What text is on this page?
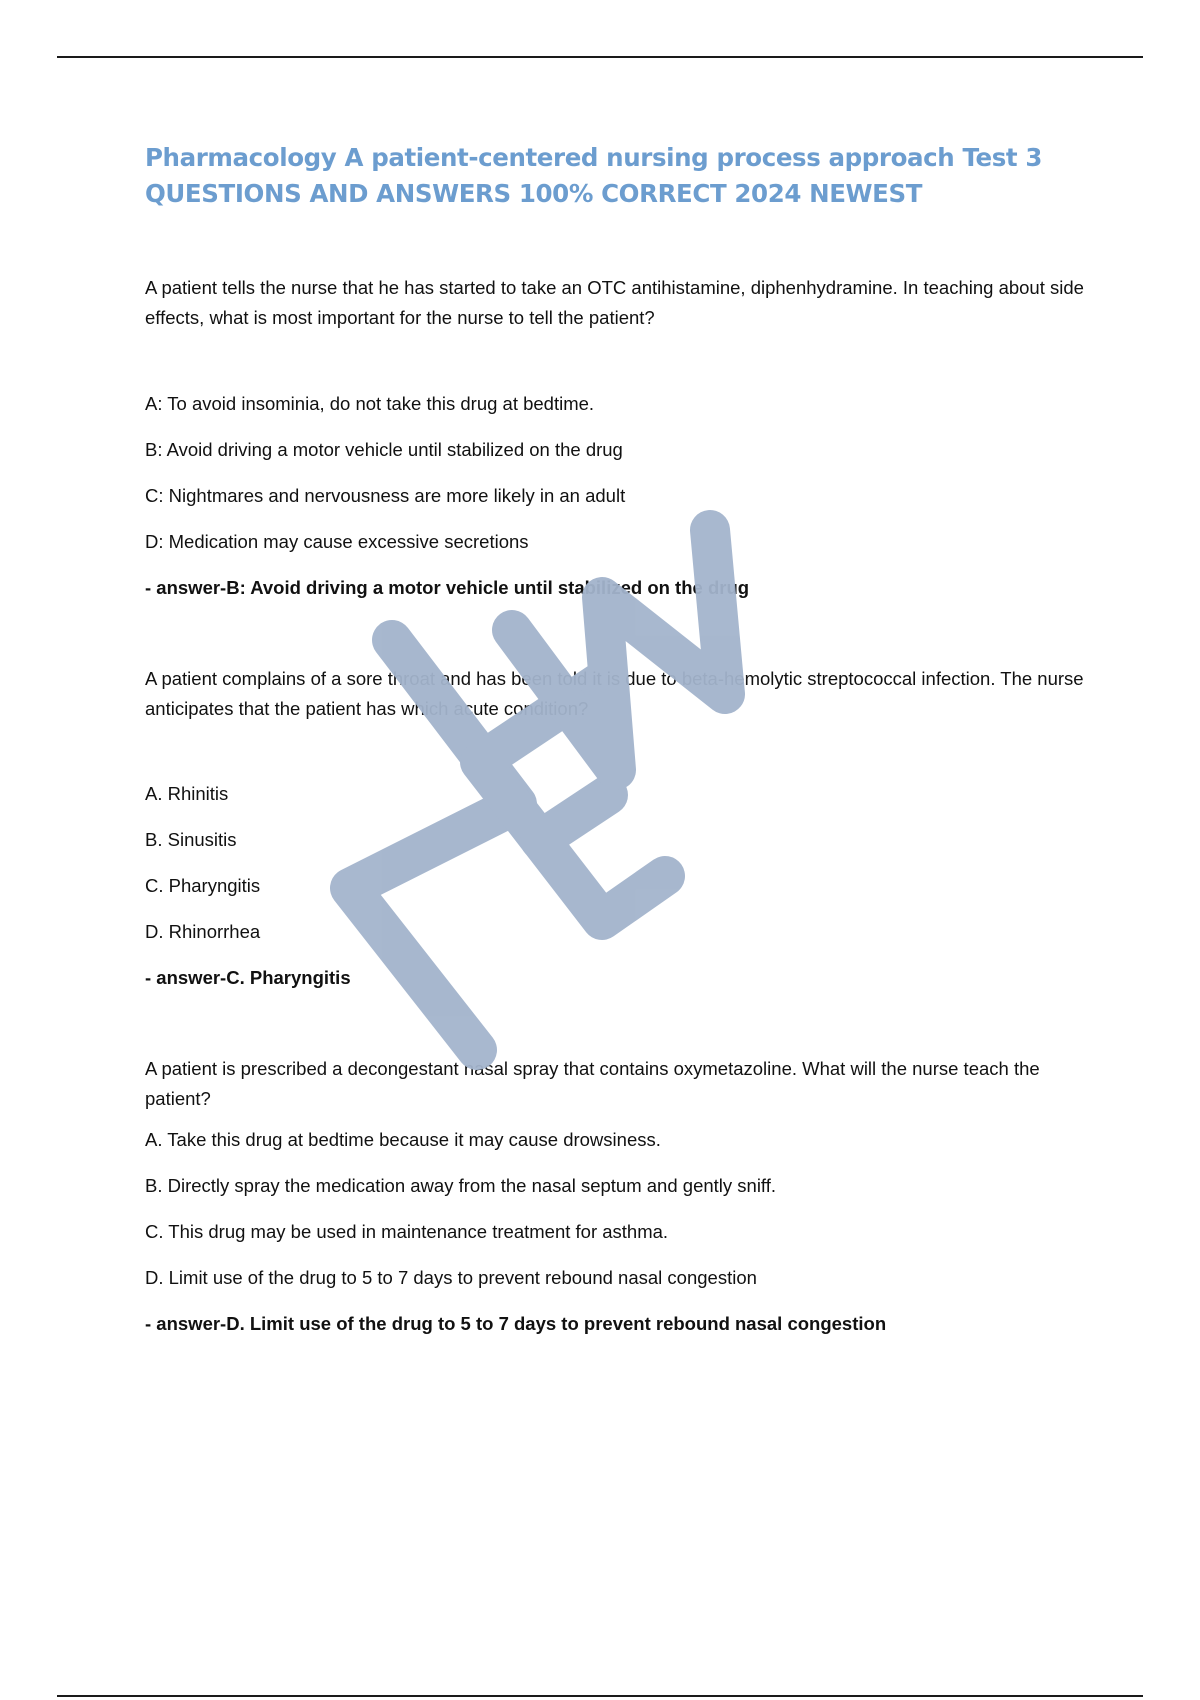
Pharmacology A patient-centered nursing process approach Test 3 QUESTIONS AND ANSWERS 100% CORRECT 2024 NEWEST

A patient tells the nurse that he has started to take an OTC antihistamine, diphenhydramine. In teaching about side effects, what is most important for the nurse to tell the patient?

A: To avoid insominia, do not take this drug at bedtime.

B: Avoid driving a motor vehicle until stabilized on the drug

C: Nightmares and nervousness are more likely in an adult

D: Medication may cause excessive secretions

- answer-B: Avoid driving a motor vehicle until stabilized on the drug

A patient complains of a sore throat and has been told it is due to beta-hemolytic streptococcal infection. The nurse anticipates that the patient has which acute condition?

A. Rhinitis

B. Sinusitis

C. Pharyngitis

D. Rhinorrhea

- answer-C. Pharyngitis

A patient is prescribed a decongestant nasal spray that contains oxymetazoline. What will the nurse teach the patient?

A. Take this drug at bedtime because it may cause drowsiness.

B. Directly spray the medication away from the nasal septum and gently sniff.

C. This drug may be used in maintenance treatment for asthma.

D. Limit use of the drug to 5 to 7 days to prevent rebound nasal congestion

- answer-D. Limit use of the drug to 5 to 7 days to prevent rebound nasal congestion
